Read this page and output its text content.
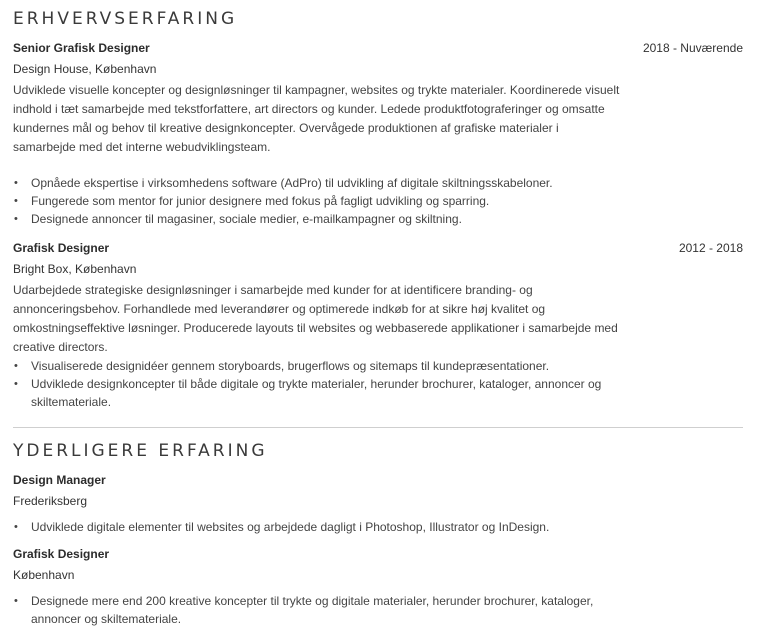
ERHVERVSERFARING
Senior Grafisk Designer	2018 - Nuværende
Design House, København
Udviklede visuelle koncepter og designløsninger til kampagner, websites og trykte materialer. Koordinerede visuelt indhold i tæt samarbejde med tekstforfattere, art directors og kunder. Ledede produktfotograferinger og omsatte kundernes mål og behov til kreative designkoncepter. Overvågede produktionen af grafiske materialer i samarbejde med det interne webudviklingsteam.
• Opnåede ekspertise i virksomhedens software (AdPro) til udvikling af digitale skiltningsskabeloner.
• Fungerede som mentor for junior designere med fokus på fagligt udvikling og sparring.
• Designede annoncer til magasiner, sociale medier, e-mailkampagner og skiltning.
Grafisk Designer	2012 - 2018
Bright Box, København
Udarbejdede strategiske designløsninger i samarbejde med kunder for at identificere branding- og annonceringsbehov. Forhandlede med leverandører og optimerede indkøb for at sikre høj kvalitet og omkostningseffektive løsninger. Producerede layouts til websites og webbaserede applikationer i samarbejde med creative directors.
• Visualiserede designidéer gennem storyboards, brugerflows og sitemaps til kundepræsentationer.
• Udviklede designkoncepter til både digitale og trykte materialer, herunder brochurer, kataloger, annoncer og skiltemateriale.
YDERLIGERE ERFARING
Design Manager
Frederiksberg
• Udviklede digitale elementer til websites og arbejdede dagligt i Photoshop, Illustrator og InDesign.
Grafisk Designer
København
• Designede mere end 200 kreative koncepter til trykte og digitale materialer, herunder brochurer, kataloger, annoncer og skiltemateriale.
